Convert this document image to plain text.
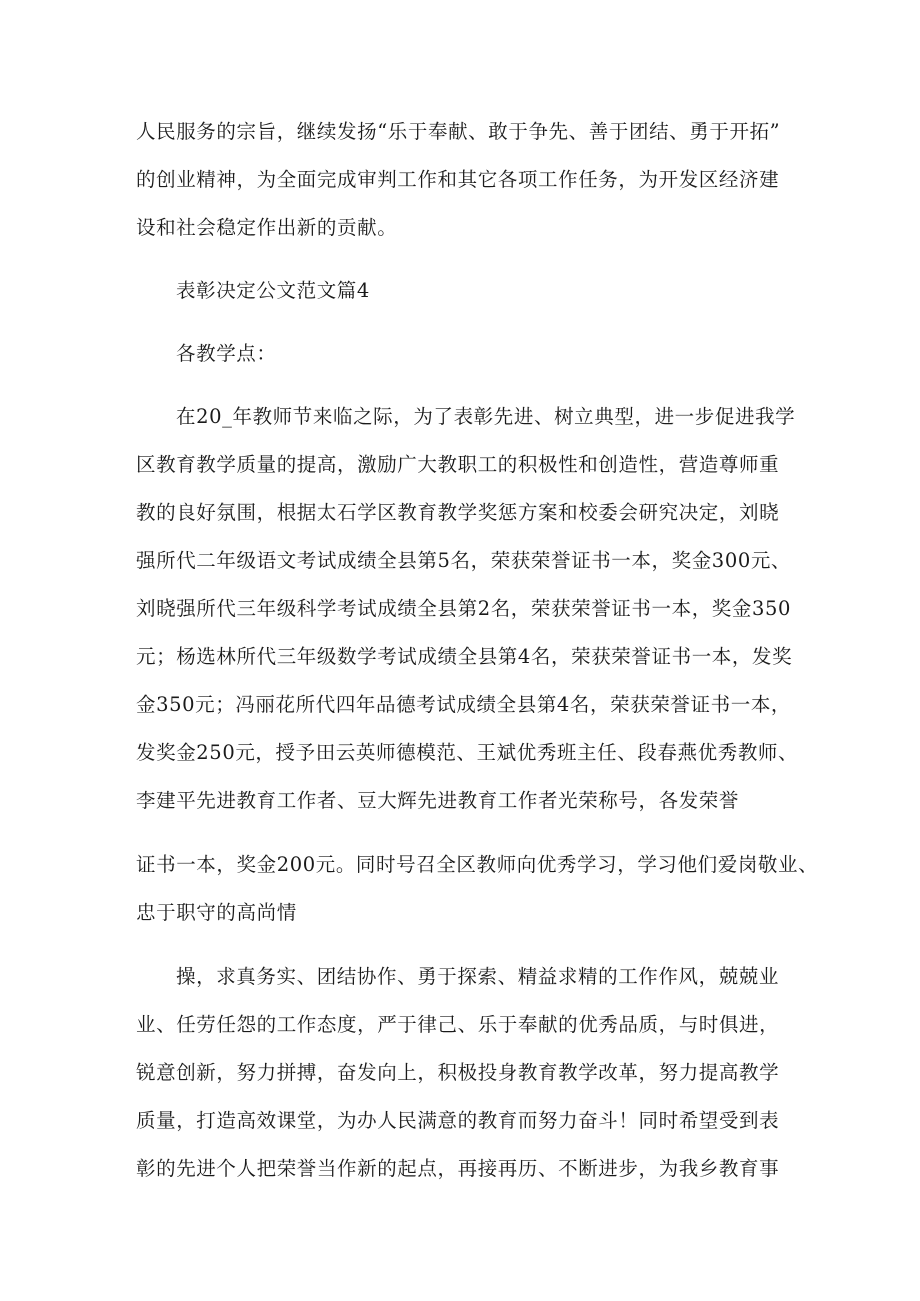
人民服务的宗旨，继续发扬“乐于奉献、敢于争先、善于团结、勇于开拓”

的创业精神，为全面完成审判工作和其它各项工作任务，为开发区经济建

设和社会稳定作出新的贡献。

表彰决定公文范文篇4

各教学点：

在20_年教师节来临之际，为了表彰先进、树立典型，进一步促进我学

区教育教学质量的提高，激励广大教职工的积极性和创造性，营造尊师重

教的良好氛围，根据太石学区教育教学奖惩方案和校委会研究决定，刘晓

强所代二年级语文考试成绩全县第5名，荣获荣誉证书一本，奖金300元、

刘晓强所代三年级科学考试成绩全县第2名，荣获荣誉证书一本，奖金350

元；杨选林所代三年级数学考试成绩全县第4名，荣获荣誉证书一本，发奖

金350元；冯丽花所代四年品德考试成绩全县第4名，荣获荣誉证书一本，

发奖金250元，授予田云英师德模范、王斌优秀班主任、段春燕优秀教师、

李建平先进教育工作者、豆大辉先进教育工作者光荣称号，各发荣誉

证书一本，奖金200元。同时号召全区教师向优秀学习，学习他们爱岗敬业、

忠于职守的高尚情

操，求真务实、团结协作、勇于探索、精益求精的工作作风，兢兢业

业、任劳任怨的工作态度，严于律己、乐于奉献的优秀品质，与时俱进，

锐意创新，努力拼搏，奋发向上，积极投身教育教学改革，努力提高教学

质量，打造高效课堂，为办人民满意的教育而努力奋斗！同时希望受到表

彰的先进个人把荣誉当作新的起点，再接再历、不断进步，为我乡教育事
